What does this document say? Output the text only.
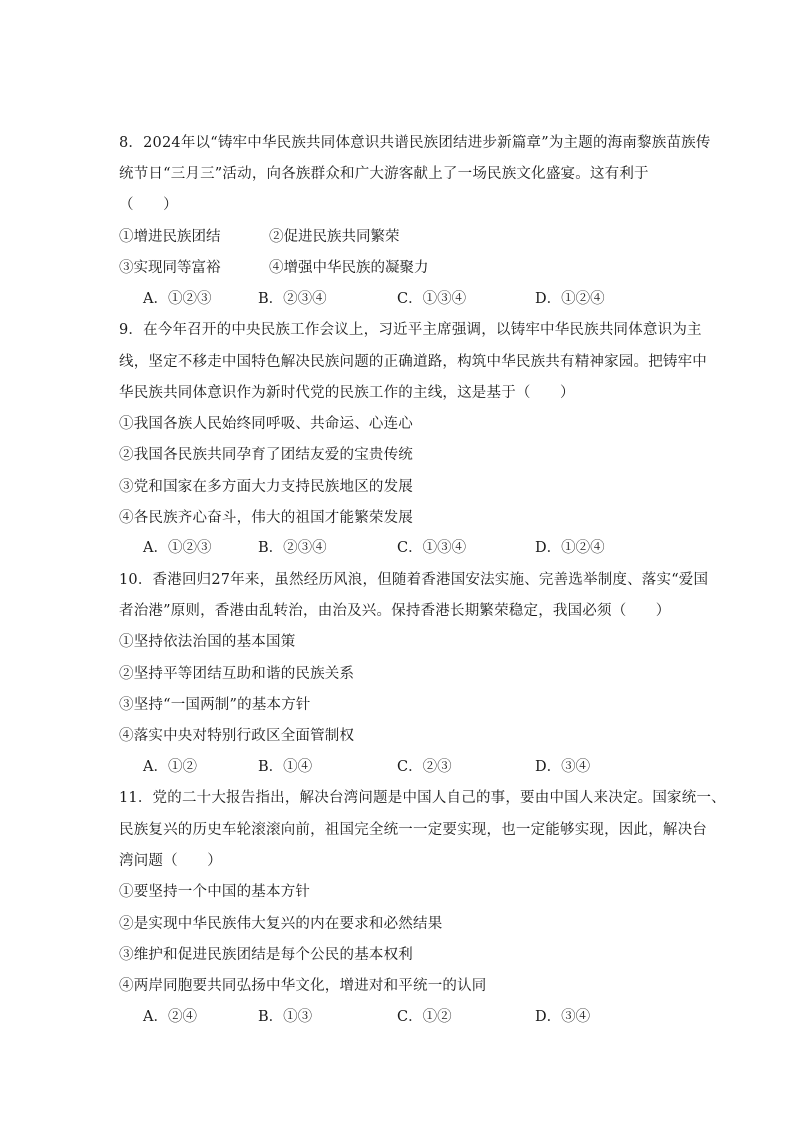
8．2024年以“铸牢中华民族共同体意识共谱民族团结进步新篇章”为主题的海南黎族苗族传
统节日“三月三”活动，向各族群众和广大游客献上了一场民族文化盛宴。这有利于
（　　）
①增进民族团结	②促进民族共同繁荣
③实现同等富裕	④增强中华民族的凝聚力
A．①②③	B．②③④	C．①③④	D．①②④
9．在今年召开的中央民族工作会议上，习近平主席强调，以铸牢中华民族共同体意识为主
线，坚定不移走中国特色解决民族问题的正确道路，构筑中华民族共有精神家园。把铸牢中
华民族共同体意识作为新时代党的民族工作的主线，这是基于（　　）
①我国各族人民始终同呼吸、共命运、心连心
②我国各民族共同孕育了团结友爱的宝贵传统
③党和国家在多方面大力支持民族地区的发展
④各民族齐心奋斗，伟大的祖国才能繁荣发展
A．①②③	B．②③④	C．①③④	D．①②④
10．香港回归27年来，虽然经历风浪，但随着香港国安法实施、完善选举制度、落实“爱国
者治港”原则，香港由乱转治，由治及兴。保持香港长期繁荣稳定，我国必须（　　）
①坚持依法治国的基本国策
②坚持平等团结互助和谐的民族关系
③坚持“一国两制”的基本方针
④落实中央对特别行政区全面管制权
A．①②	B．①④	C．②③	D．③④
11．党的二十大报告指出，解决台湾问题是中国人自己的事，要由中国人来决定。国家统一、
民族复兴的历史车轮滚滚向前，祖国完全统一一定要实现，也一定能够实现，因此，解决台
湾问题（　　）
①要坚持一个中国的基本方针
②是实现中华民族伟大复兴的内在要求和必然结果
③维护和促进民族团结是每个公民的基本权利
④两岸同胞要共同弘扬中华文化，增进对和平统一的认同
A．②④	B．①③	C．①②	D．③④
